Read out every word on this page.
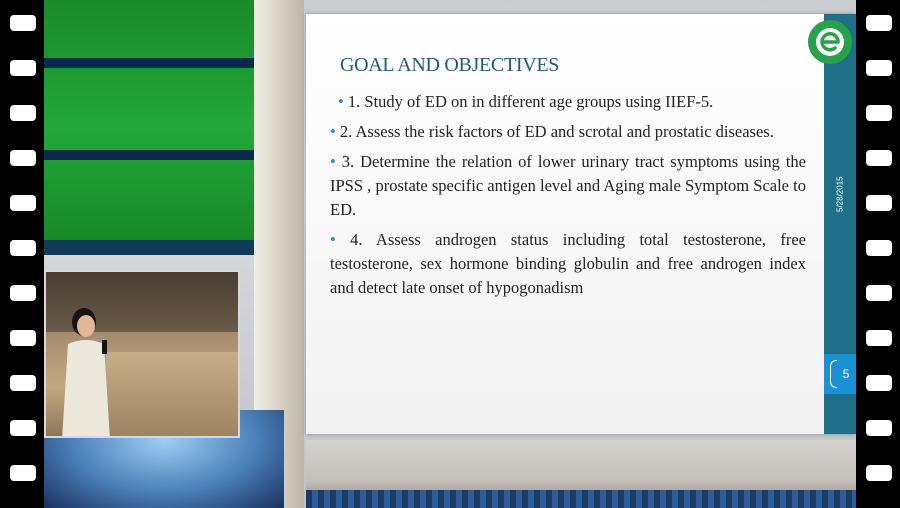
GOAL AND OBJECTIVES
• 1. Study of ED on in different age groups using IIEF-5.
• 2. Assess the risk factors of ED and scrotal and prostatic diseases.
• 3. Determine the relation of lower urinary tract symptoms using the IPSS , prostate specific antigen level and Aging male Symptom Scale to ED.
• 4. Assess androgen status including total testosterone, free testosterone, sex hormone binding globulin and free androgen index and detect late onset of hypogonadism
5/28/2015
5
